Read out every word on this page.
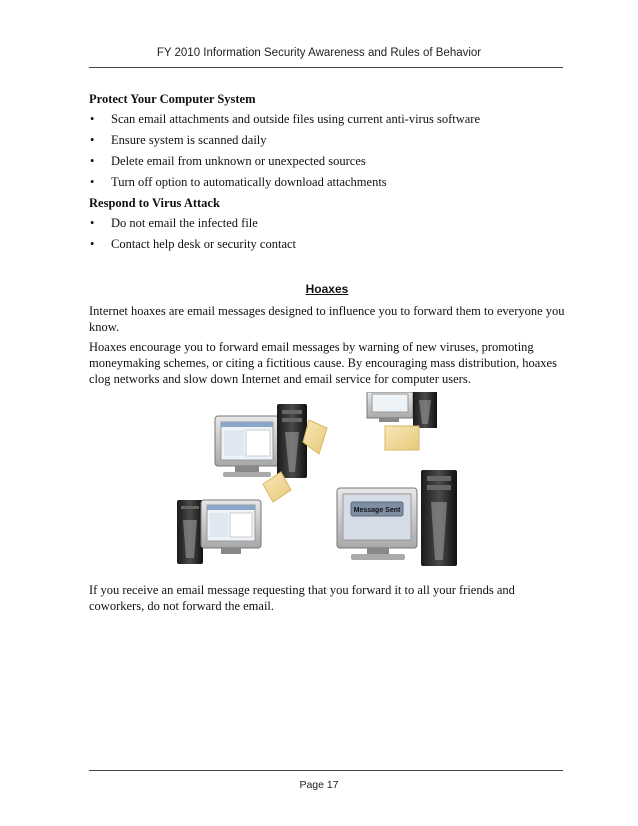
FY 2010 Information Security Awareness and Rules of Behavior
Protect Your Computer System
• Scan email attachments and outside files using current anti-virus software
• Ensure system is scanned daily
• Delete email from unknown or unexpected sources
• Turn off option to automatically download attachments
Respond to Virus Attack
• Do not email the infected file
• Contact help desk or security contact
Hoaxes

Internet hoaxes are email messages designed to influence you to forward them to everyone you know.

Hoaxes encourage you to forward email messages by warning of new viruses, promoting moneymaking schemes, or citing a fictitious cause. By encouraging mass distribution, hoaxes clog networks and slow down Internet and email service for computer users.

Message Sent

If you receive an email message requesting that you forward it to all your friends and coworkers, do not forward the email.

Page 17
